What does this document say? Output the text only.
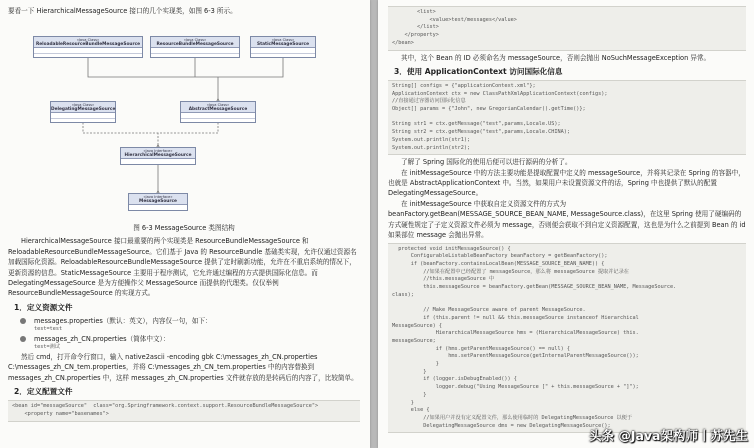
要看一下 HierarchicalMessageSource 接口的几个实现类，如图 6-3 所示。
«Java Class»
ReloadableResourceBundleMessageSource
«Java Class»
ResourceBundleMessageSource
«Java Class»
StaticMessageSource
«Java Class»
DelegatingMessageSource
«Java Class»
AbstractMessageSource
«Java Interface»
HierarchicalMessageSource
«Java Interface»
MessageSource
图 6-3 MessageSource 类图结构
HierarchicalMessageSource 接口最重要的两个实现类是 ResourceBundleMessageSource 和 ReloadableResourceBundleMessageSource。它们基于 Java 的 ResourceBundle 基础类实现，允许仅通过资源名加载国际化资源。ReloadableResourceBundleMessageSource 提供了定时刷新功能，允许在不重启系统的情况下，更新资源的信息。StaticMessageSource 主要用于程序测试，它允许通过编程的方式提供国际化信息。而 DelegatingMessageSource 是为方便操作父 MessageSource 而提供的代理类。仅仅举例 ResourceBundleMessageSource 的实现方式。
1．定义资源文件
messages.properties（默认：英文），内容仅一句，如下：
test=test
messages_zh_CN.properties（简体中文）：
test=测试
然后 cmd，打开命令行窗口，输入 native2ascii -encoding gbk C:\messages_zh_CN.properties C:\messages_zh_CN_tem.properties，并将 C:\messages_zh_CN_tem.properties 中的内容替换到 messages_zh_CN.properties 中，这样 messages_zh_CN.properties 文件就存放的是转码后的内容了，比较简单。
2．定义配置文件
<bean id="messageSource"  class="org.Springframework.context.support.ResourceBundleMessageSource">
<property name="basenames">
<list>
<value>test/messages</value>
</list>
</property>
</bean>
其中，这个 Bean 的 ID 必须命名为 messageSource，否则会抛出 NoSuchMessageException 异常。
3．使用 ApplicationContext 访问国际化信息
String[] configs = {"applicationContext.xml"};
ApplicationContext ctx = new ClassPathXmlApplicationContext(configs);
//直接通过容器访问国际化信息
Object[] params = {"John", new GregorianCalendar().getTime()};

String str1 = ctx.getMessage("test",params,Locale.US);
String str2 = ctx.getMessage("test",params,Locale.CHINA);
System.out.println(str1);
System.out.println(str2);
了解了 Spring 国际化的使用后便可以进行源码的分析了。
在 initMessageSource 中的方法主要功能是提取配置中定义的 messageSource，并将其记录在 Spring 的容器中，也就是 AbstractApplicationContext 中。当然，如果用户未设置资源文件的话，Spring 中也提供了默认的配置 DelegatingMessageSource。
在 initMessageSource 中获取自定义资源文件的方式为 beanFactory.getBean(MESSAGE_SOURCE_BEAN_NAME, MessageSource.class)，在这里 Spring 使用了硬编码的方式硬性规定了子定义资源文件必须为 message，否则便会获取不到自定义资源配置，这也是为什么之前提到 Bean 的 id 如果部位 message 会抛出异常。
protected void initMessageSource() {
ConfigurableListableBeanFactory beanFactory = getBeanFactory();
if (beanFactory.containsLocalBean(MESSAGE_SOURCE_BEAN_NAME)) {
//如果在配置中已经配置了 messageSource，那么将 messageSource 提取并记录在
//this.messageSource 中
this.messageSource = beanFactory.getBean(MESSAGE_SOURCE_BEAN_NAME, MessageSource.
class);

// Make MessageSource aware of parent MessageSource.
if (this.parent != null && this.messageSource instanceof Hierarchical
MessageSource) {
HierarchicalMessageSource hms = (HierarchicalMessageSource) this.
messageSource;
if (hms.getParentMessageSource() == null) {
hms.setParentMessageSource(getInternalParentMessageSource());
}
}
if (logger.isDebugEnabled()) {
logger.debug("Using MessageSource [" + this.messageSource + "]");
}
}
else {
//如果用户并没有定义配置文件，那么使用临时的 DelegatingMessageSource 以便于
DelegatingMessageSource dms = new DelegatingMessageSource();
头条 @Java架构师丨苏先生
